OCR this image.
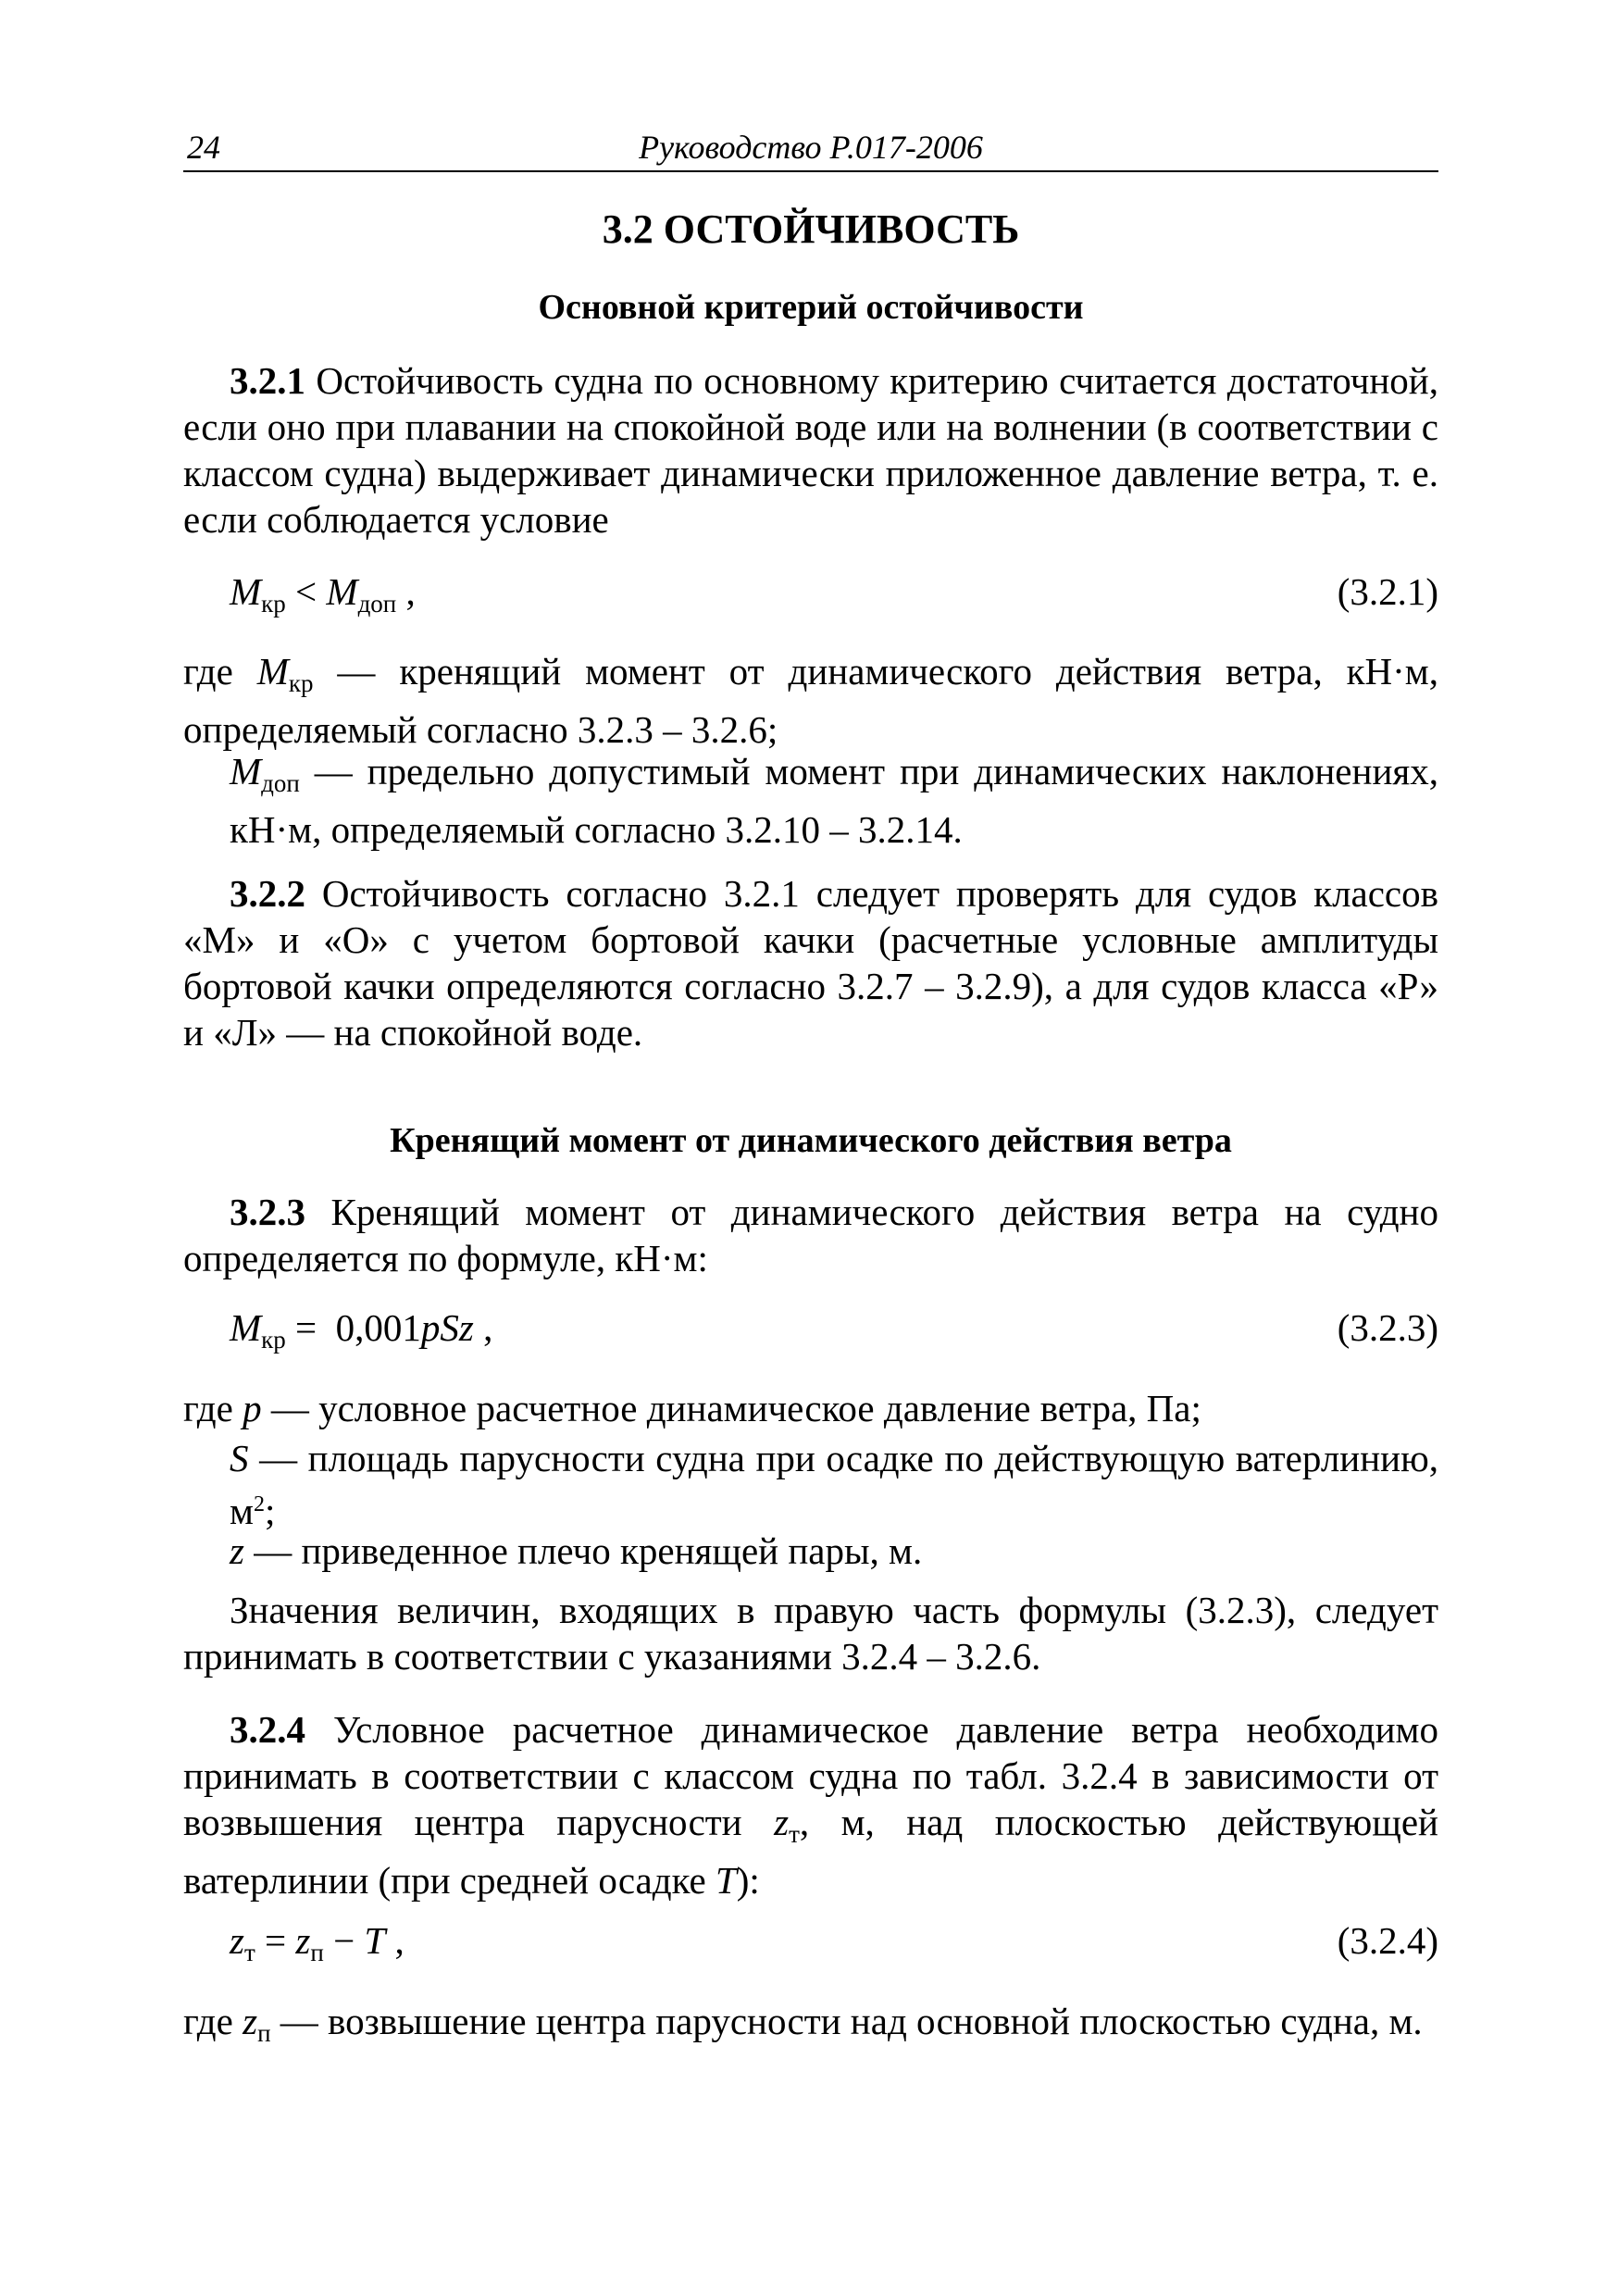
24	Руководство Р.017-2006
3.2 ОСТОЙЧИВОСТЬ
Основной критерий остойчивости
3.2.1 Остойчивость судна по основному критерию считается достаточной, если оно при плавании на спокойной воде или на волнении (в соответствии с классом судна) выдерживает динамически приложенное давление ветра, т. е. если соблюдается условие
$M_{кр} < M_{доп}$ ,	(3.2.1)
где $M_{кр}$ — кренящий момент от динамического действия ветра, кН·м, определяемый согласно 3.2.3 – 3.2.6;
$M_{доп}$ — предельно допустимый момент при динамических наклонениях, кН·м, определяемый согласно 3.2.10 – 3.2.14.
3.2.2 Остойчивость согласно 3.2.1 следует проверять для судов классов «М» и «О» с учетом бортовой качки (расчетные условные амплитуды бортовой качки определяются согласно 3.2.7 – 3.2.9), а для судов класса «Р» и «Л» — на спокойной воде.
Кренящий момент от динамического действия ветра
3.2.3 Кренящий момент от динамического действия ветра на судно определяется по формуле, кН·м:
$M_{кр} = 0,001pSz$ ,	(3.2.3)
где p — условное расчетное динамическое давление ветра, Па;
S — площадь парусности судна при осадке по действующую ватерлинию, $м^2$;
z — приведенное плечо кренящей пары, м.
Значения величин, входящих в правую часть формулы (3.2.3), следует принимать в соответствии с указаниями 3.2.4 – 3.2.6.
3.2.4 Условное расчетное динамическое давление ветра необходимо принимать в соответствии с классом судна по табл. 3.2.4 в зависимости от возвышения центра парусности $z_т$, м, над плоскостью действующей ватерлинии (при средней осадке T):
$z_т = z_п - T$ ,	(3.2.4)
где $z_п$ — возвышение центра парусности над основной плоскостью судна, м.
